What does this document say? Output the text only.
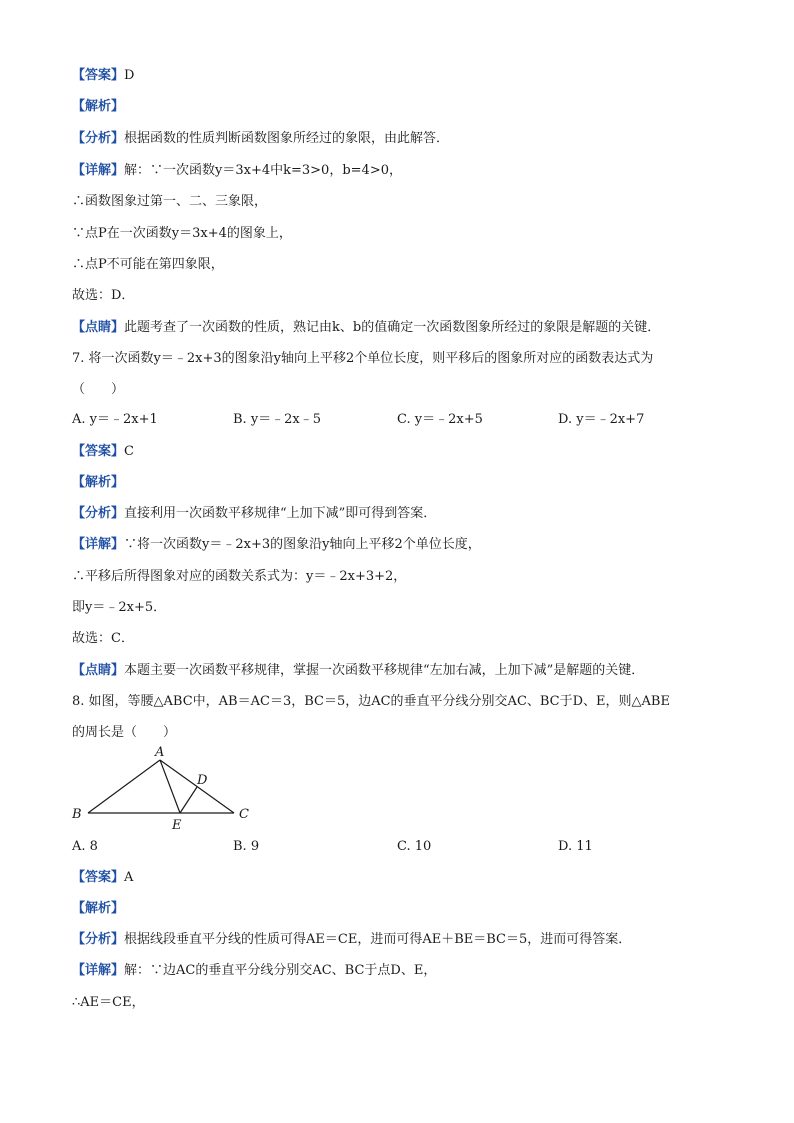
【答案】D
【解析】
【分析】根据函数的性质判断函数图象所经过的象限，由此解答．
【详解】解：∵一次函数y＝3x+4中k=3>0，b=4>0，
∴函数图象过第一、二、三象限，
∵点P在一次函数y＝3x+4的图象上，
∴点P不可能在第四象限，
故选：D．
【点睛】此题考查了一次函数的性质，熟记由k、b的值确定一次函数图象所经过的象限是解题的关键．
7. 将一次函数y＝﹣2x+3的图象沿y轴向上平移2个单位长度，则平移后的图象所对应的函数表达式为
（　　）
A. y＝﹣2x+1	B. y＝﹣2x﹣5	C. y＝﹣2x+5	D. y＝﹣2x+7
【答案】C
【解析】
【分析】直接利用一次函数平移规律“上加下减”即可得到答案．
【详解】∵将一次函数y＝﹣2x+3的图象沿y轴向上平移2个单位长度，
∴平移后所得图象对应的函数关系式为：y＝﹣2x+3+2，
即y＝﹣2x+5．
故选：C．
【点睛】本题主要一次函数平移规律，掌握一次函数平移规律“左加右减，上加下减”是解题的关键．
8. 如图，等腰△ABC中，AB＝AC＝3，BC＝5，边AC的垂直平分线分别交AC、BC于D、E，则△ABE
的周长是（　　）
A
B	C
D
E
A. 8	B. 9	C. 10	D. 11
【答案】A
【解析】
【分析】根据线段垂直平分线的性质可得AE＝CE，进而可得AE＋BE＝BC＝5，进而可得答案．
【详解】解：∵边AC的垂直平分线分别交AC、BC于点D、E，
∴AE＝CE，
